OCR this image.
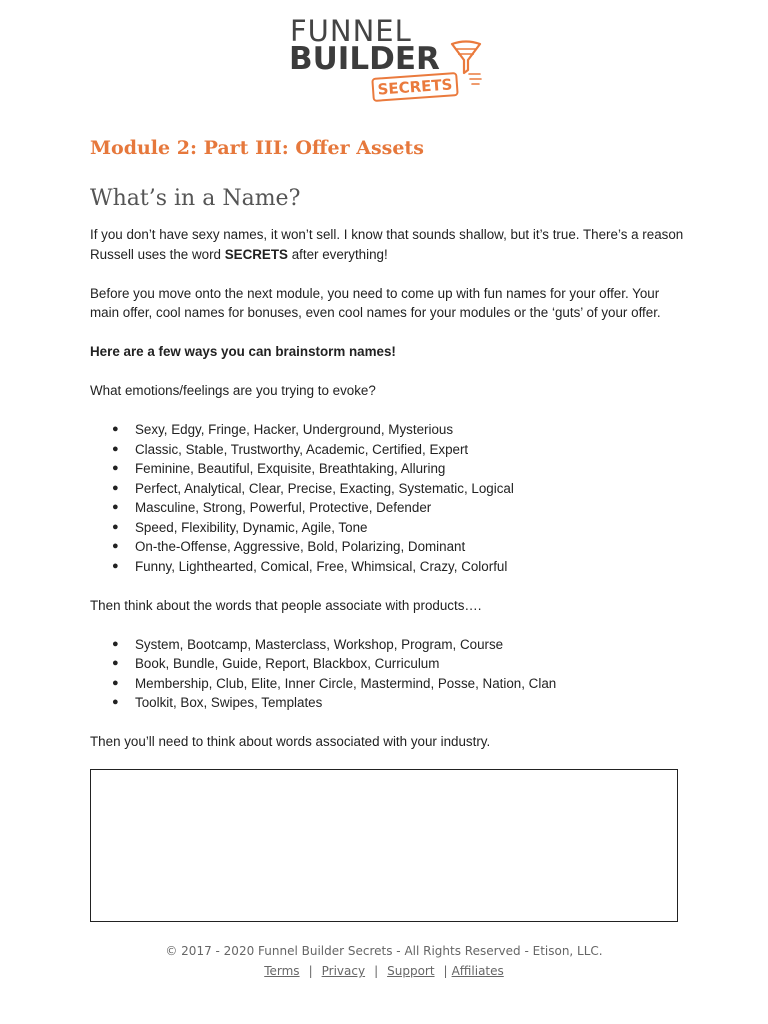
FUNNEL
BUILDER
SECRETS
Module 2: Part III: Offer Assets
What’s in a Name?

If you don’t have sexy names, it won’t sell. I know that sounds shallow, but it’s true. There’s a reason Russell uses the word SECRETS after everything!

Before you move onto the next module, you need to come up with fun names for your offer. Your main offer, cool names for bonuses, even cool names for your modules or the ‘guts’ of your offer.

Here are a few ways you can brainstorm names!

What emotions/feelings are you trying to evoke?

● Sexy, Edgy, Fringe, Hacker, Underground, Mysterious
● Classic, Stable, Trustworthy, Academic, Certified, Expert
● Feminine, Beautiful, Exquisite, Breathtaking, Alluring
● Perfect, Analytical, Clear, Precise, Exacting, Systematic, Logical
● Masculine, Strong, Powerful, Protective, Defender
● Speed, Flexibility, Dynamic, Agile, Tone
● On-the-Offense, Aggressive, Bold, Polarizing, Dominant
● Funny, Lighthearted, Comical, Free, Whimsical, Crazy, Colorful

Then think about the words that people associate with products….

● System, Bootcamp, Masterclass, Workshop, Program, Course
● Book, Bundle, Guide, Report, Blackbox, Curriculum
● Membership, Club, Elite, Inner Circle, Mastermind, Posse, Nation, Clan
● Toolkit, Box, Swipes, Templates

Then you’ll need to think about words associated with your industry.

© 2017 - 2020 Funnel Builder Secrets - All Rights Reserved - Etison, LLC.
Terms | Privacy | Support | Affiliates
